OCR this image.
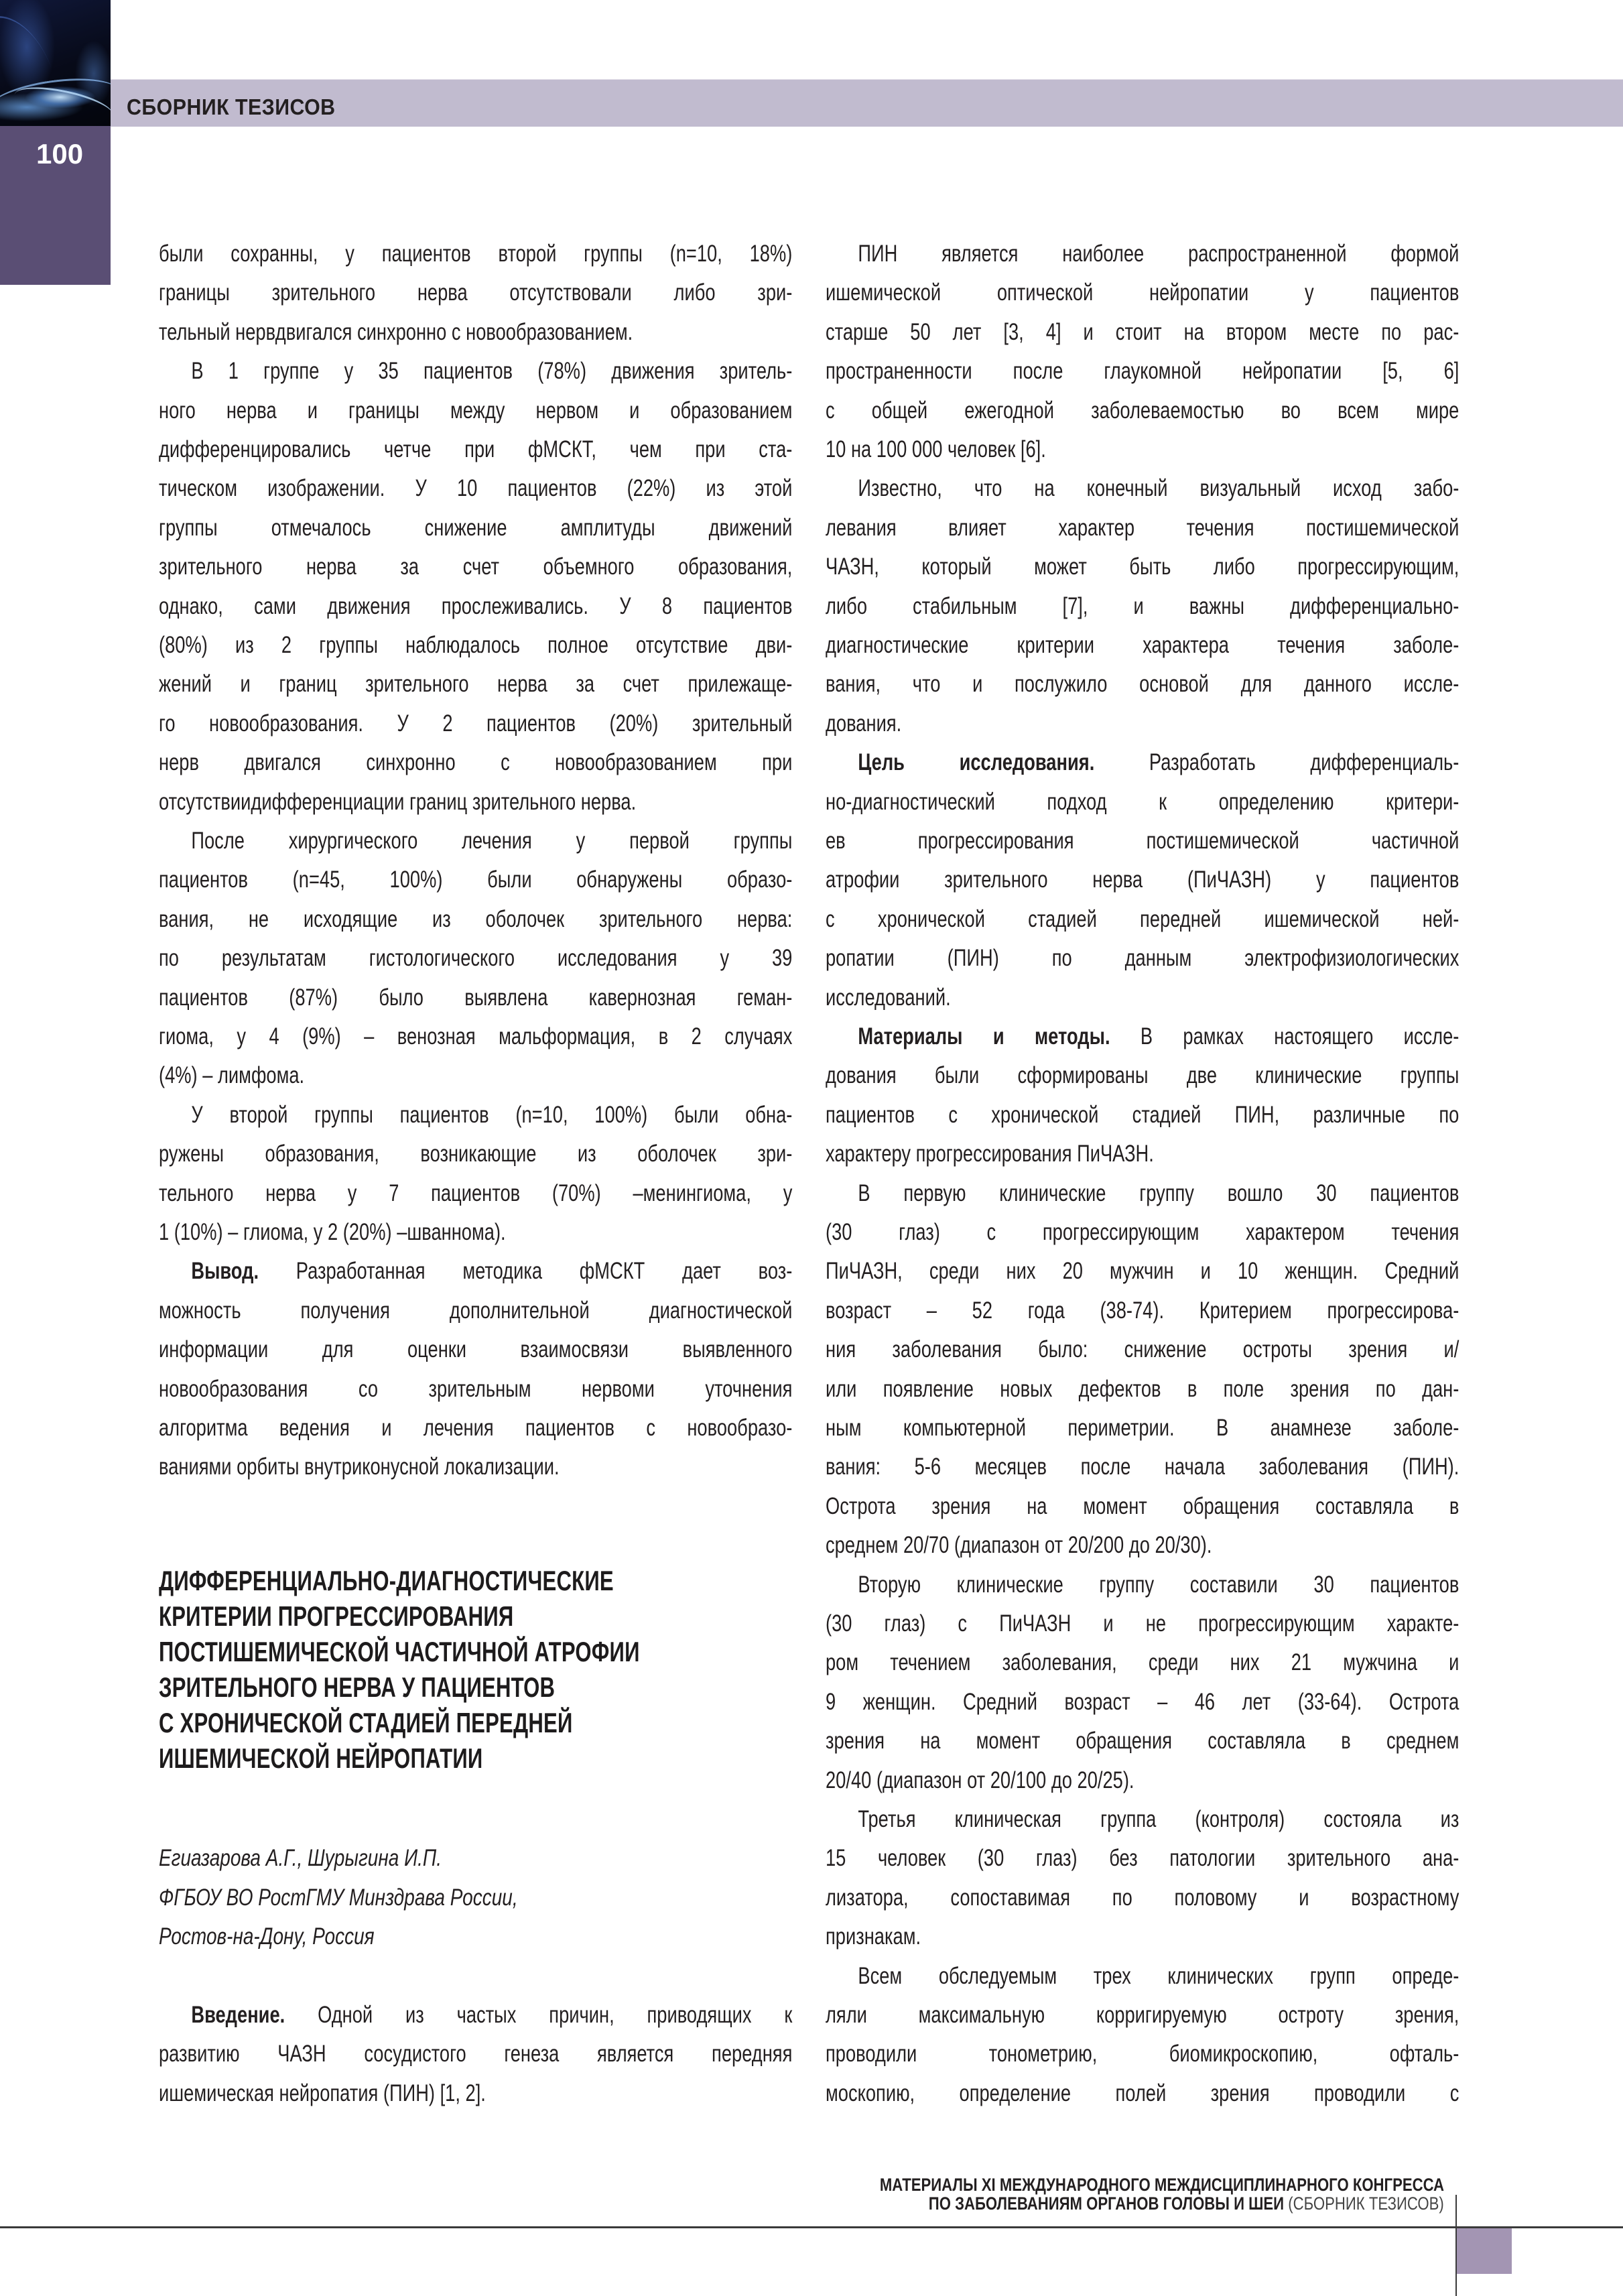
СБОРНИК ТЕЗИСОВ
100
были сохранны, у пациентов второй группы (n=10, 18%)
границы зрительного нерва отсутствовали либо зри-
тельный нервдвигался синхронно с новообразованием.
В 1 группе у 35 пациентов (78%) движения зритель-
ного нерва и границы между нервом и образованием
дифференцировались четче при фМСКТ, чем при ста-
тическом изображении. У 10 пациентов (22%) из этой
группы отмечалось снижение амплитуды движений
зрительного нерва за счет объемного образования,
однако, сами движения прослеживались. У 8 пациентов
(80%) из 2 группы наблюдалось полное отсутствие дви-
жений и границ зрительного нерва за счет прилежаще-
го новообразования. У 2 пациентов (20%) зрительный
нерв двигался синхронно с новообразованием при
отсутствиидифференциации границ зрительного нерва.
После хирургического лечения у первой группы
пациентов (n=45, 100%) были обнаружены образо-
вания, не исходящие из оболочек зрительного нерва:
по результатам гистологического исследования у 39
пациентов (87%) было выявлена кавернозная геман-
гиома, у 4 (9%) – венозная мальформация, в 2 случаях
(4%) – лимфома.
У второй группы пациентов (n=10, 100%) были обна-
ружены образования, возникающие из оболочек зри-
тельного нерва у 7 пациентов (70%) –менингиома, у
1 (10%) – глиома, у 2 (20%) –шваннома).
Вывод. Разработанная методика фМСКТ дает воз-
можность получения дополнительной диагностической
информации для оценки взаимосвязи выявленного
новообразования со зрительным нервоми уточнения
алгоритма ведения и лечения пациентов с новообразо-
ваниями орбиты внутриконусной локализации.
ДИФФЕРЕНЦИАЛЬНО-ДИАГНОСТИЧЕСКИЕ
КРИТЕРИИ ПРОГРЕССИРОВАНИЯ
ПОСТИШЕМИЧЕСКОЙ ЧАСТИЧНОЙ АТРОФИИ
ЗРИТЕЛЬНОГО НЕРВА У ПАЦИЕНТОВ
С ХРОНИЧЕСКОЙ СТАДИЕЙ ПЕРЕДНЕЙ
ИШЕМИЧЕСКОЙ НЕЙРОПАТИИ
Егиазарова А.Г., Шурыгина И.П.
ФГБОУ ВО РостГМУ Минздрава России,
Ростов-на-Дону, Россия
Введение. Одной из частых причин, приводящих к
развитию ЧАЗН сосудистого генеза является передняя
ишемическая нейропатия (ПИН) [1, 2].
ПИН является наиболее распространенной формой
ишемической оптической нейропатии у пациентов
старше 50 лет [3, 4] и стоит на втором месте по рас-
пространенности после глаукомной нейропатии [5, 6]
с общей ежегодной заболеваемостью во всем мире
10 на 100 000 человек [6].
Известно, что на конечный визуальный исход забо-
левания влияет характер течения постишемической
ЧАЗН, который может быть либо прогрессирующим,
либо стабильным [7], и важны дифференциально-
диагностические критерии характера течения заболе-
вания, что и послужило основой для данного иссле-
дования.
Цель исследования. Разработать дифференциаль-
но-диагностический подход к определению критери-
ев прогрессирования постишемической частичной
атрофии зрительного нерва (ПиЧАЗН) у пациентов
с хронической стадией передней ишемической ней-
ропатии (ПИН) по данным электрофизиологических
исследований.
Материалы и методы. В рамках настоящего иссле-
дования были сформированы две клинические группы
пациентов с хронической стадией ПИН, различные по
характеру прогрессирования ПиЧАЗН.
В первую клинические группу вошло 30 пациентов
(30 глаз) с прогрессирующим характером течения
ПиЧАЗН, среди них 20 мужчин и 10 женщин. Средний
возраст – 52 года (38-74). Критерием прогрессирова-
ния заболевания было: снижение остроты зрения и/
или появление новых дефектов в поле зрения по дан-
ным компьютерной периметрии. В анамнезе заболе-
вания: 5-6 месяцев после начала заболевания (ПИН).
Острота зрения на момент обращения составляла в
среднем 20/70 (диапазон от 20/200 до 20/30).
Вторую клинические группу составили 30 пациентов
(30 глаз) с ПиЧАЗН и не прогрессирующим характе-
ром течением заболевания, среди них 21 мужчина и
9 женщин. Средний возраст – 46 лет (33-64). Острота
зрения на момент обращения составляла в среднем
20/40 (диапазон от 20/100 до 20/25).
Третья клиническая группа (контроля) состояла из
15 человек (30 глаз) без патологии зрительного ана-
лизатора, сопоставимая по половому и возрастному
признакам.
Всем обследуемым трех клинических групп опреде-
ляли максимальную корригируемую остроту зрения,
проводили тонометрию, биомикроскопию, офталь-
москопию, определение полей зрения проводили с
МАТЕРИАЛЫ XI МЕЖДУНАРОДНОГО МЕЖДИСЦИПЛИНАРНОГО КОНГРЕССА
ПО ЗАБОЛЕВАНИЯМ ОРГАНОВ ГОЛОВЫ И ШЕИ (СБОРНИК ТЕЗИСОВ)
